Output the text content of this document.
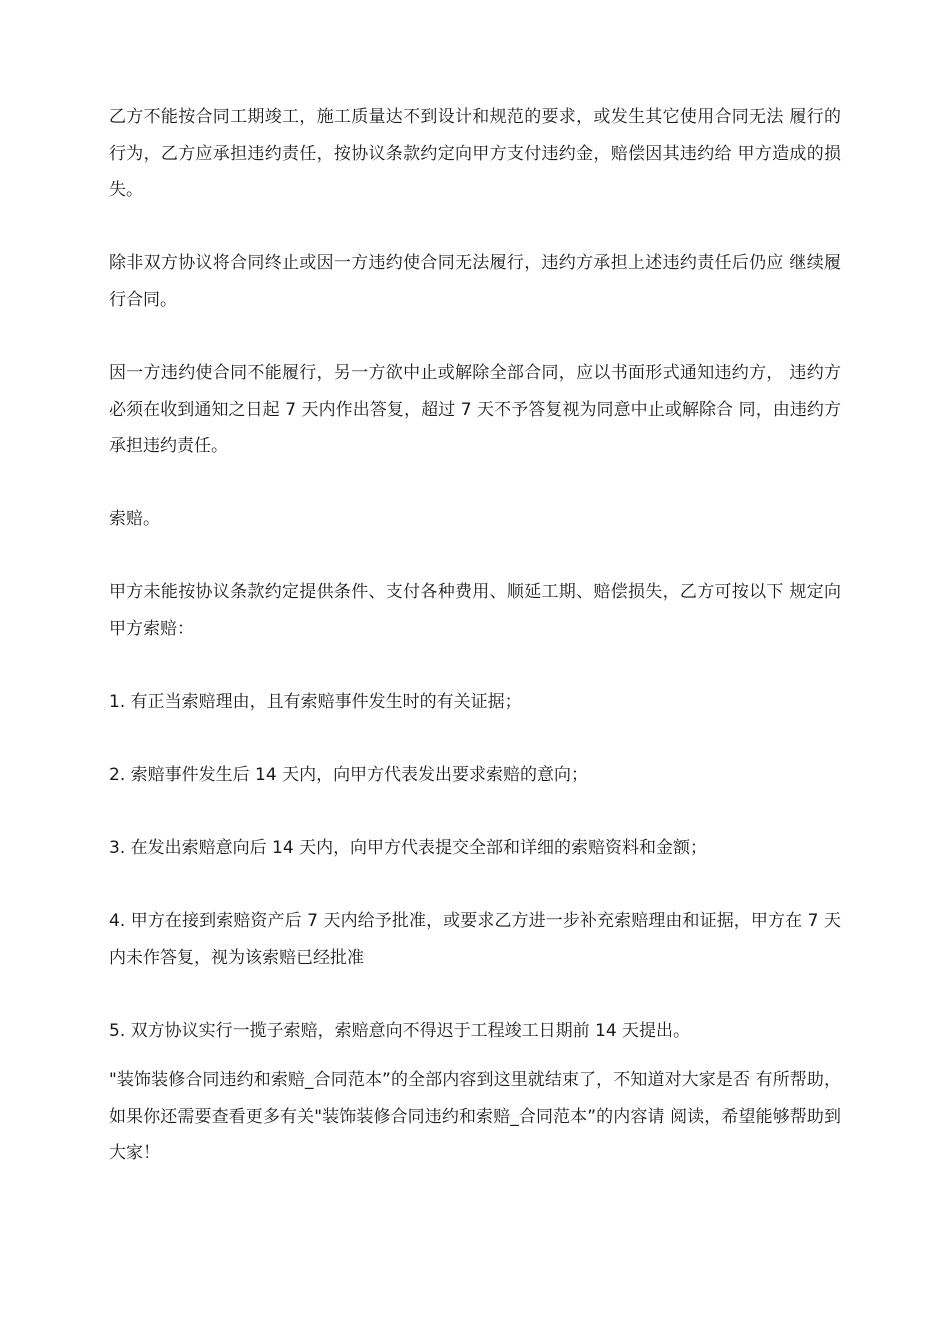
乙方不能按合同工期竣工，施工质量达不到设计和规范的要求，或发生其它使用合同无法 履行的行为，乙方应承担违约责任，按协议条款约定向甲方支付违约金，赔偿因其违约给 甲方造成的损失。

除非双方协议将合同终止或因一方违约使合同无法履行，违约方承担上述违约责任后仍应 继续履行合同。

因一方违约使合同不能履行，另一方欲中止或解除全部合同，应以书面形式通知违约方， 违约方必须在收到通知之日起 7 天内作出答复，超过 7 天不予答复视为同意中止或解除合 同，由违约方承担违约责任。

索赔。

甲方未能按协议条款约定提供条件、支付各种费用、顺延工期、赔偿损失，乙方可按以下 规定向甲方索赔：

1. 有正当索赔理由，且有索赔事件发生时的有关证据；

2. 索赔事件发生后 14 天内，向甲方代表发出要求索赔的意向；

3. 在发出索赔意向后 14 天内，向甲方代表提交全部和详细的索赔资料和金额；

4. 甲方在接到索赔资产后 7 天内给予批准，或要求乙方进一步补充索赔理由和证据，甲方在 7 天内未作答复，视为该索赔已经批准

5. 双方协议实行一揽子索赔，索赔意向不得迟于工程竣工日期前 14 天提出。

"装饰装修合同违约和索赔_合同范本”的全部内容到这里就结束了，不知道对大家是否 有所帮助，如果你还需要查看更多有关"装饰装修合同违约和索赔_合同范本”的内容请 阅读，希望能够帮助到大家！
